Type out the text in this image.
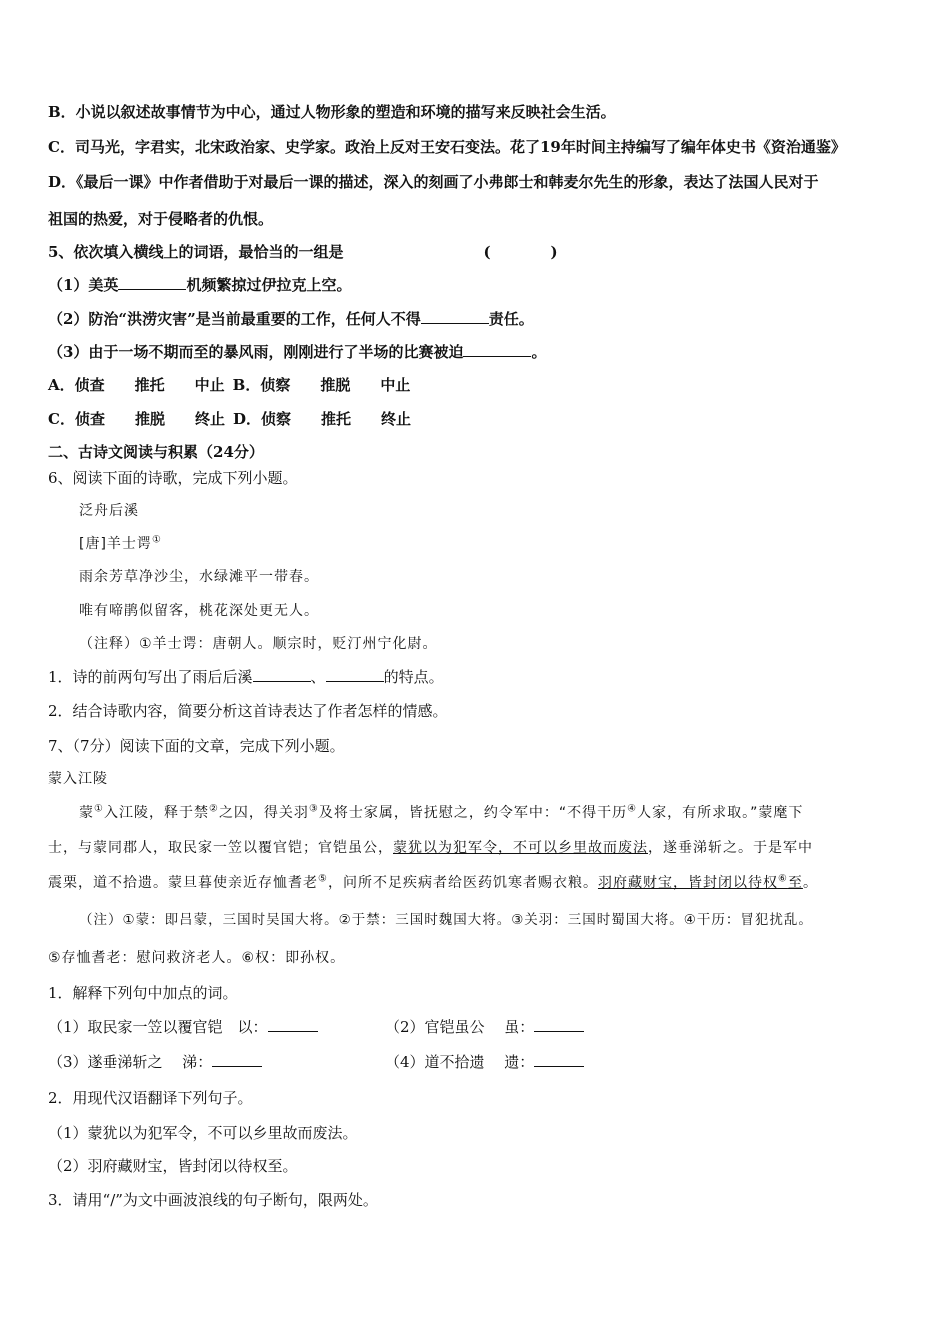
B．小说以叙述故事情节为中心，通过人物形象的塑造和环境的描写来反映社会生活。
C．司马光，字君实，北宋政治家、史学家。政治上反对王安石变法。花了19年时间主持编写了编年体史书《资治通鉴》
D．《最后一课》中作者借助于对最后一课的描述，深入的刻画了小弗郎士和韩麦尔先生的形象，表达了法国人民对于
祖国的热爱，对于侵略者的仇恨。
5、依次填入横线上的词语，最恰当的一组是	(　　　　)
（1）美英	机频繁掠过伊拉克上空。
（2）防治“洪涝灾害”是当前最重要的工作，任何人不得	责任。
（3）由于一场不期而至的暴风雨，刚刚进行了半场的比赛被迫	。
A．侦查　　推托　　中止 B．侦察　　推脱　　中止
C．侦查　　推脱　　终止 D．侦察　　推托　　终止
二、古诗文阅读与积累（24分）
6、阅读下面的诗歌，完成下列小题。
泛舟后溪
[唐]羊士谔①
雨余芳草净沙尘，水绿滩平一带春。
唯有啼鹃似留客，桃花深处更无人。
（注释）①羊士谔：唐朝人。顺宗时，贬汀州宁化尉。
1．诗的前两句写出了雨后后溪	、	的特点。
2．结合诗歌内容，简要分析这首诗表达了作者怎样的情感。
7、（7分）阅读下面的文章，完成下列小题。
蒙入江陵
蒙①入江陵，释于禁②之囚，得关羽③及将士家属，皆抚慰之，约令军中：“不得干历④人家，有所求取。”蒙麾下
士，与蒙同郡人，取民家一笠以覆官铠；官铠虽公，蒙犹以为犯军令，不可以乡里故而废法，遂垂涕斩之。于是军中
震栗，道不拾遗。蒙旦暮使亲近存恤耆老⑤，问所不足疾病者给医药饥寒者赐衣粮。羽府藏财宝，皆封闭以待权⑥至。
（注）①蒙：即吕蒙，三国时吴国大将。②于禁：三国时魏国大将。③关羽：三国时蜀国大将。④干历：冒犯扰乱。
⑤存恤耆老：慰问救济老人。⑥权：即孙权。
1．解释下列句中加点的词。
（1）取民家一笠以覆官铠　以：	（2）官铠虽公　 虽：
（3）遂垂涕斩之　 涕：	（4）道不拾遗　 遗：
2．用现代汉语翻译下列句子。
（1）蒙犹以为犯军令，不可以乡里故而废法。
（2）羽府藏财宝，皆封闭以待权至。
3．请用“/”为文中画波浪线的句子断句，限两处。
